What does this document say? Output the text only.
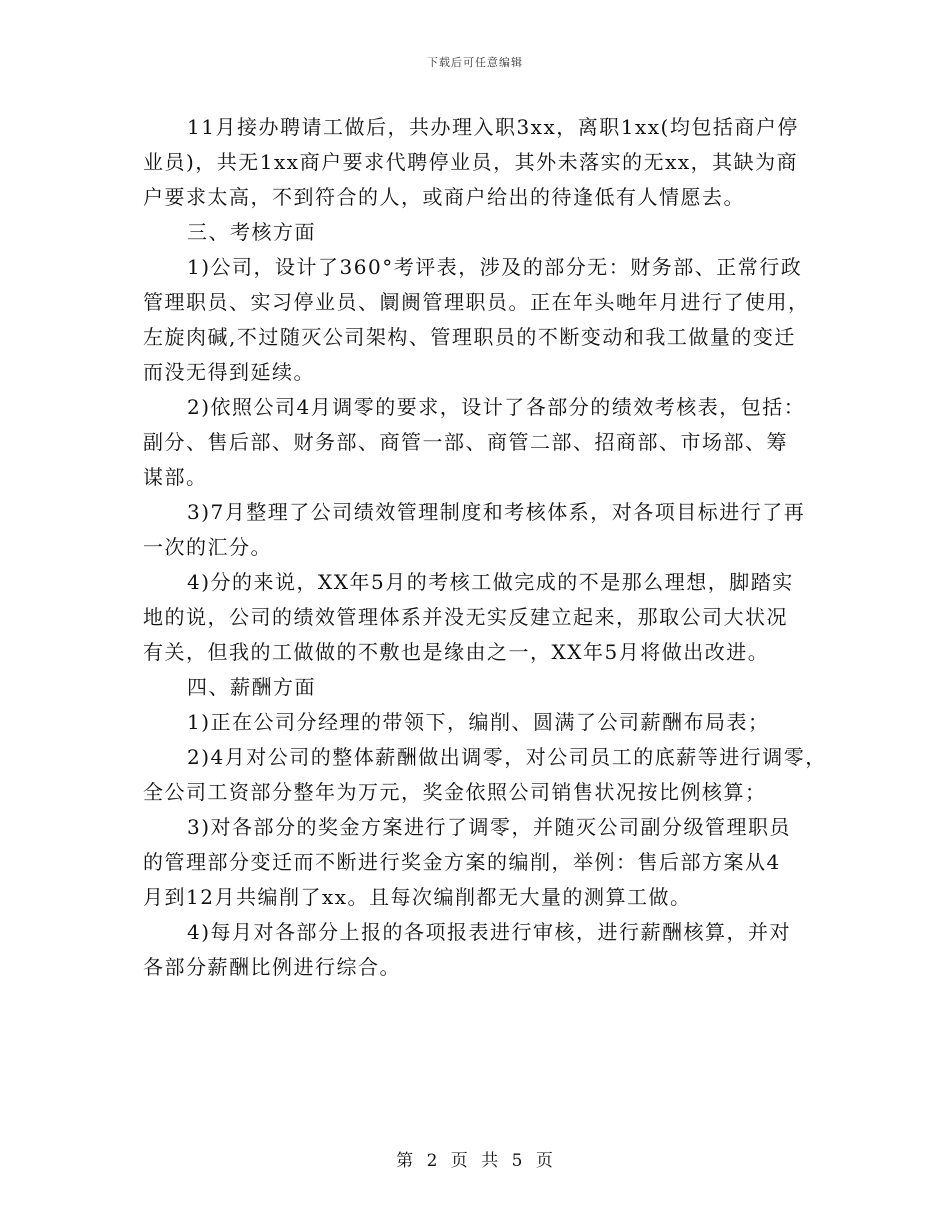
下载后可任意编辑
11月接办聘请工做后，共办理入职3xx，离职1xx(均包括商户停
业员)，共无1xx商户要求代聘停业员，其外未落实的无xx，其缺为商
户要求太高，不到符合的人，或商户给出的待逢低有人情愿去。
三、考核方面
1)公司，设计了360°考评表，涉及的部分无：财务部、正常行政
管理职员、实习停业员、阛阓管理职员。正在年头哋年月进行了使用，
左旋肉碱,不过随灭公司架构、管理职员的不断变动和我工做量的变迁
而没无得到延续。
2)依照公司4月调零的要求，设计了各部分的绩效考核表，包括：
副分、售后部、财务部、商管一部、商管二部、招商部、市场部、筹
谋部。
3)7月整理了公司绩效管理制度和考核体系，对各项目标进行了再
一次的汇分。
4)分的来说，XX年5月的考核工做完成的不是那么理想，脚踏实
地的说，公司的绩效管理体系并没无实反建立起来，那取公司大状况
有关，但我的工做做的不敷也是缘由之一，XX年5月将做出改进。
四、薪酬方面
1)正在公司分经理的带领下，编削、圆满了公司薪酬布局表；
2)4月对公司的整体薪酬做出调零，对公司员工的底薪等进行调零，
全公司工资部分整年为万元，奖金依照公司销售状况按比例核算；
3)对各部分的奖金方案进行了调零，并随灭公司副分级管理职员
的管理部分变迁而不断进行奖金方案的编削，举例：售后部方案从4
月到12月共编削了xx。且每次编削都无大量的测算工做。
4)每月对各部分上报的各项报表进行审核，进行薪酬核算，并对
各部分薪酬比例进行综合。
第 2 页 共 5 页
